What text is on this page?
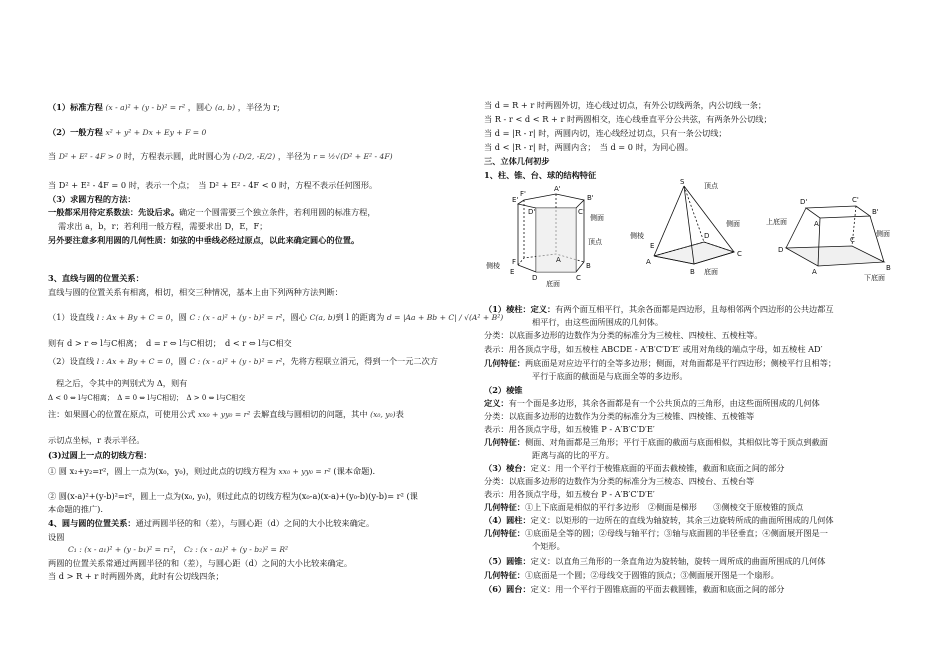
（1）标准方程 (x - a)² + (y - b)² = r² ，圆心 (a, b) ，半径为 r;
（2）一般方程 x² + y² + Dx + Ey + F = 0
当 D² + E² - 4F > 0 时，方程表示圆，此时圆心为 (-D/2, -E/2) ，半径为 r = ½√(D² + E² - 4F)
当 D² + E² - 4F = 0 时，表示一个点；　当 D² + E² - 4F < 0 时，方程不表示任何图形。
（3）求圆方程的方法：
一般都采用待定系数法：先设后求。确定一个圆需要三个独立条件，若利用圆的标准方程，
需求出 a，b，r；若利用一般方程，需要求出 D，E，F；
另外要注意多利用圆的几何性质：如弦的中垂线必经过原点，以此来确定圆心的位置。
3、直线与圆的位置关系：
直线与圆的位置关系有相离，相切，相交三种情况，基本上由下列两种方法判断：
（1）设直线 l : Ax + By + C = 0，圆 C : (x - a)² + (y - b)² = r²，圆心 C(a, b)到 l 的距离为 d = |Aa + Bb + C| / √(A² + B²)
则有 d > r ⇔ l与C相离；　d = r ⇔ l与C相切；　d < r ⇔ l与C相交
（2）设直线 l : Ax + By + C = 0，圆 C : (x - a)² + (y - b)² = r²，先将方程联立消元，得到一个一元二次方
程之后，令其中的判别式为 Δ，则有
Δ < 0 ⇔ l与C相离；　Δ = 0 ⇔ l与C相切；　Δ > 0 ⇔ l与C相交
注：如果圆心的位置在原点，可使用公式 xx₀ + yy₀ = r² 去解直线与圆相切的问题，其中 (x₀, y₀)表
示切点坐标，r 表示半径。
(3)过圆上一点的切线方程：
① 圆 x₂+y₂=r²，圆上一点为(x₀，y₀)，则过此点的切线方程为 xx₀ + yy₀ = r² (课本命题).
② 圆(x-a)²+(y-b)²=r²，圆上一点为(x₀, y₀)，则过此点的切线方程为(x₀-a)(x-a)+(y₀-b)(y-b)= r² (课
本命题的推广).
4、圆与圆的位置关系：通过两圆半径的和（差），与圆心距（d）之间的大小比较来确定。
设圆
C₁ : (x - a₁)² + (y - b₁)² = r₁²， C₂ : (x - a₂)² + (y - b₂)² = R²
两圆的位置关系常通过两圆半径的和（差），与圆心距（d）之间的大小比较来确定。
当 d > R + r 时两圆外离，此时有公切线四条；
当 d = R + r 时两圆外切，连心线过切点，有外公切线两条，内公切线一条；
当 R - r < d < R + r 时两圆相交，连心线垂直平分公共弦，有两条外公切线；
当 d = |R - r| 时，两圆内切，连心线经过切点，只有一条公切线；
当 d < |R - r| 时，两圆内含；　当 d = 0 时，为同心圆。
三、立体几何初步
1、柱、锥、台、球的结构特征
E'
F'
A'
B'
C'
D'
侧面
顶点
侧棱
E
F
D	C
B
A
底面
S	顶点
侧面
侧棱
A
B
C
D
E
底面
D'	C'
B'
A'
上底面
侧面
D
C
B
A
下底面
（1）棱柱：定义：有两个面互相平行，其余各面都是四边形，且每相邻两个四边形的公共边都互
相平行，由这些面所围成的几何体。
分类：以底面多边形的边数作为分类的标准分为三棱柱、四棱柱、五棱柱等。
表示：用各顶点字母，如五棱柱 ABCDE - A′B′C′D′E′ 或用对角线的端点字母，如五棱柱 AD′
几何特征：两底面是对应边平行的全等多边形；侧面，对角面都是平行四边形；侧棱平行且相等；
平行于底面的截面是与底面全等的多边形。
（2）棱锥
定义：有一个面是多边形，其余各面都是有一个公共顶点的三角形，由这些面所围成的几何体
分类：以底面多边形的边数作为分类的标准分为三棱锥、四棱锥、五棱锥等
表示：用各顶点字母，如五棱锥 P - A′B′C′D′E′
几何特征：侧面、对角面都是三角形；平行于底面的截面与底面相似，其相似比等于顶点到截面
距离与高的比的平方。
（3）棱台：定义：用一个平行于棱锥底面的平面去截棱锥，截面和底面之间的部分
分类：以底面多边形的边数作为分类的标准分为三棱态、四棱台、五棱台等
表示：用各顶点字母，如五棱台 P - A′B′C′D′E′
几何特征：①上下底面是相似的平行多边形　②侧面是梯形　　③侧棱交于原棱锥的顶点
（4）圆柱：定义：以矩形的一边所在的直线为轴旋转，其余三边旋转所成的曲面所围成的几何体
几何特征：①底面是全等的圆；②母线与轴平行；③轴与底面圆的半径垂直；④侧面展开图是一
个矩形。
（5）圆锥：定义：以直角三角形的一条直角边为旋转轴，旋转一周所成的曲面所围成的几何体
几何特征：①底面是一个圆；②母线交于圆锥的顶点；③侧面展开图是一个扇形。
（6）圆台：定义：用一个平行于圆锥底面的平面去截圆锥，截面和底面之间的部分
